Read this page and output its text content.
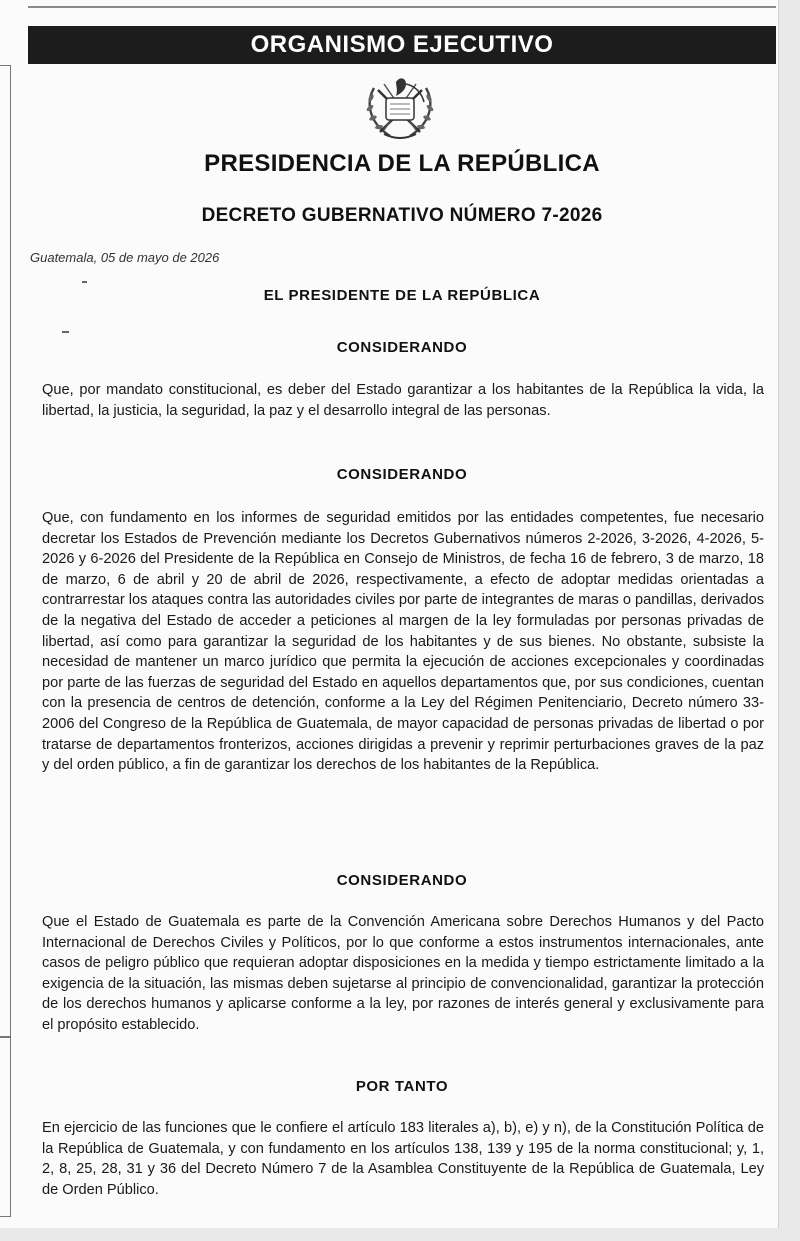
ORGANISMO EJECUTIVO
PRESIDENCIA DE LA REPÚBLICA
DECRETO GUBERNATIVO NÚMERO 7-2026
Guatemala, 05 de mayo de 2026
EL PRESIDENTE DE LA REPÚBLICA
CONSIDERANDO
Que, por mandato constitucional, es deber del Estado garantizar a los habitantes de la República la vida, la libertad, la justicia, la seguridad, la paz y el desarrollo integral de las personas.
CONSIDERANDO
Que, con fundamento en los informes de seguridad emitidos por las entidades competentes, fue necesario decretar los Estados de Prevención mediante los Decretos Gubernativos números 2-2026, 3-2026, 4-2026, 5-2026 y 6-2026 del Presidente de la República en Consejo de Ministros, de fecha 16 de febrero, 3 de marzo, 18 de marzo, 6 de abril y 20 de abril de 2026, respectivamente, a efecto de adoptar medidas orientadas a contrarrestar los ataques contra las autoridades civiles por parte de integrantes de maras o pandillas, derivados de la negativa del Estado de acceder a peticiones al margen de la ley formuladas por personas privadas de libertad, así como para garantizar la seguridad de los habitantes y de sus bienes. No obstante, subsiste la necesidad de mantener un marco jurídico que permita la ejecución de acciones excepcionales y coordinadas por parte de las fuerzas de seguridad del Estado en aquellos departamentos que, por sus condiciones, cuentan con la presencia de centros de detención, conforme a la Ley del Régimen Penitenciario, Decreto número 33-2006 del Congreso de la República de Guatemala, de mayor capacidad de personas privadas de libertad o por tratarse de departamentos fronterizos, acciones dirigidas a prevenir y reprimir perturbaciones graves de la paz y del orden público, a fin de garantizar los derechos de los habitantes de la República.
CONSIDERANDO
Que el Estado de Guatemala es parte de la Convención Americana sobre Derechos Humanos y del Pacto Internacional de Derechos Civiles y Políticos, por lo que conforme a estos instrumentos internacionales, ante casos de peligro público que requieran adoptar disposiciones en la medida y tiempo estrictamente limitado a la exigencia de la situación, las mismas deben sujetarse al principio de convencionalidad, garantizar la protección de los derechos humanos y aplicarse conforme a la ley, por razones de interés general y exclusivamente para el propósito establecido.
POR TANTO
En ejercicio de las funciones que le confiere el artículo 183 literales a), b), e) y n), de la Constitución Política de la República de Guatemala, y con fundamento en los artículos 138, 139 y 195 de la norma constitucional; y, 1, 2, 8, 25, 28, 31 y 36 del Decreto Número 7 de la Asamblea Constituyente de la República de Guatemala, Ley de Orden Público.
